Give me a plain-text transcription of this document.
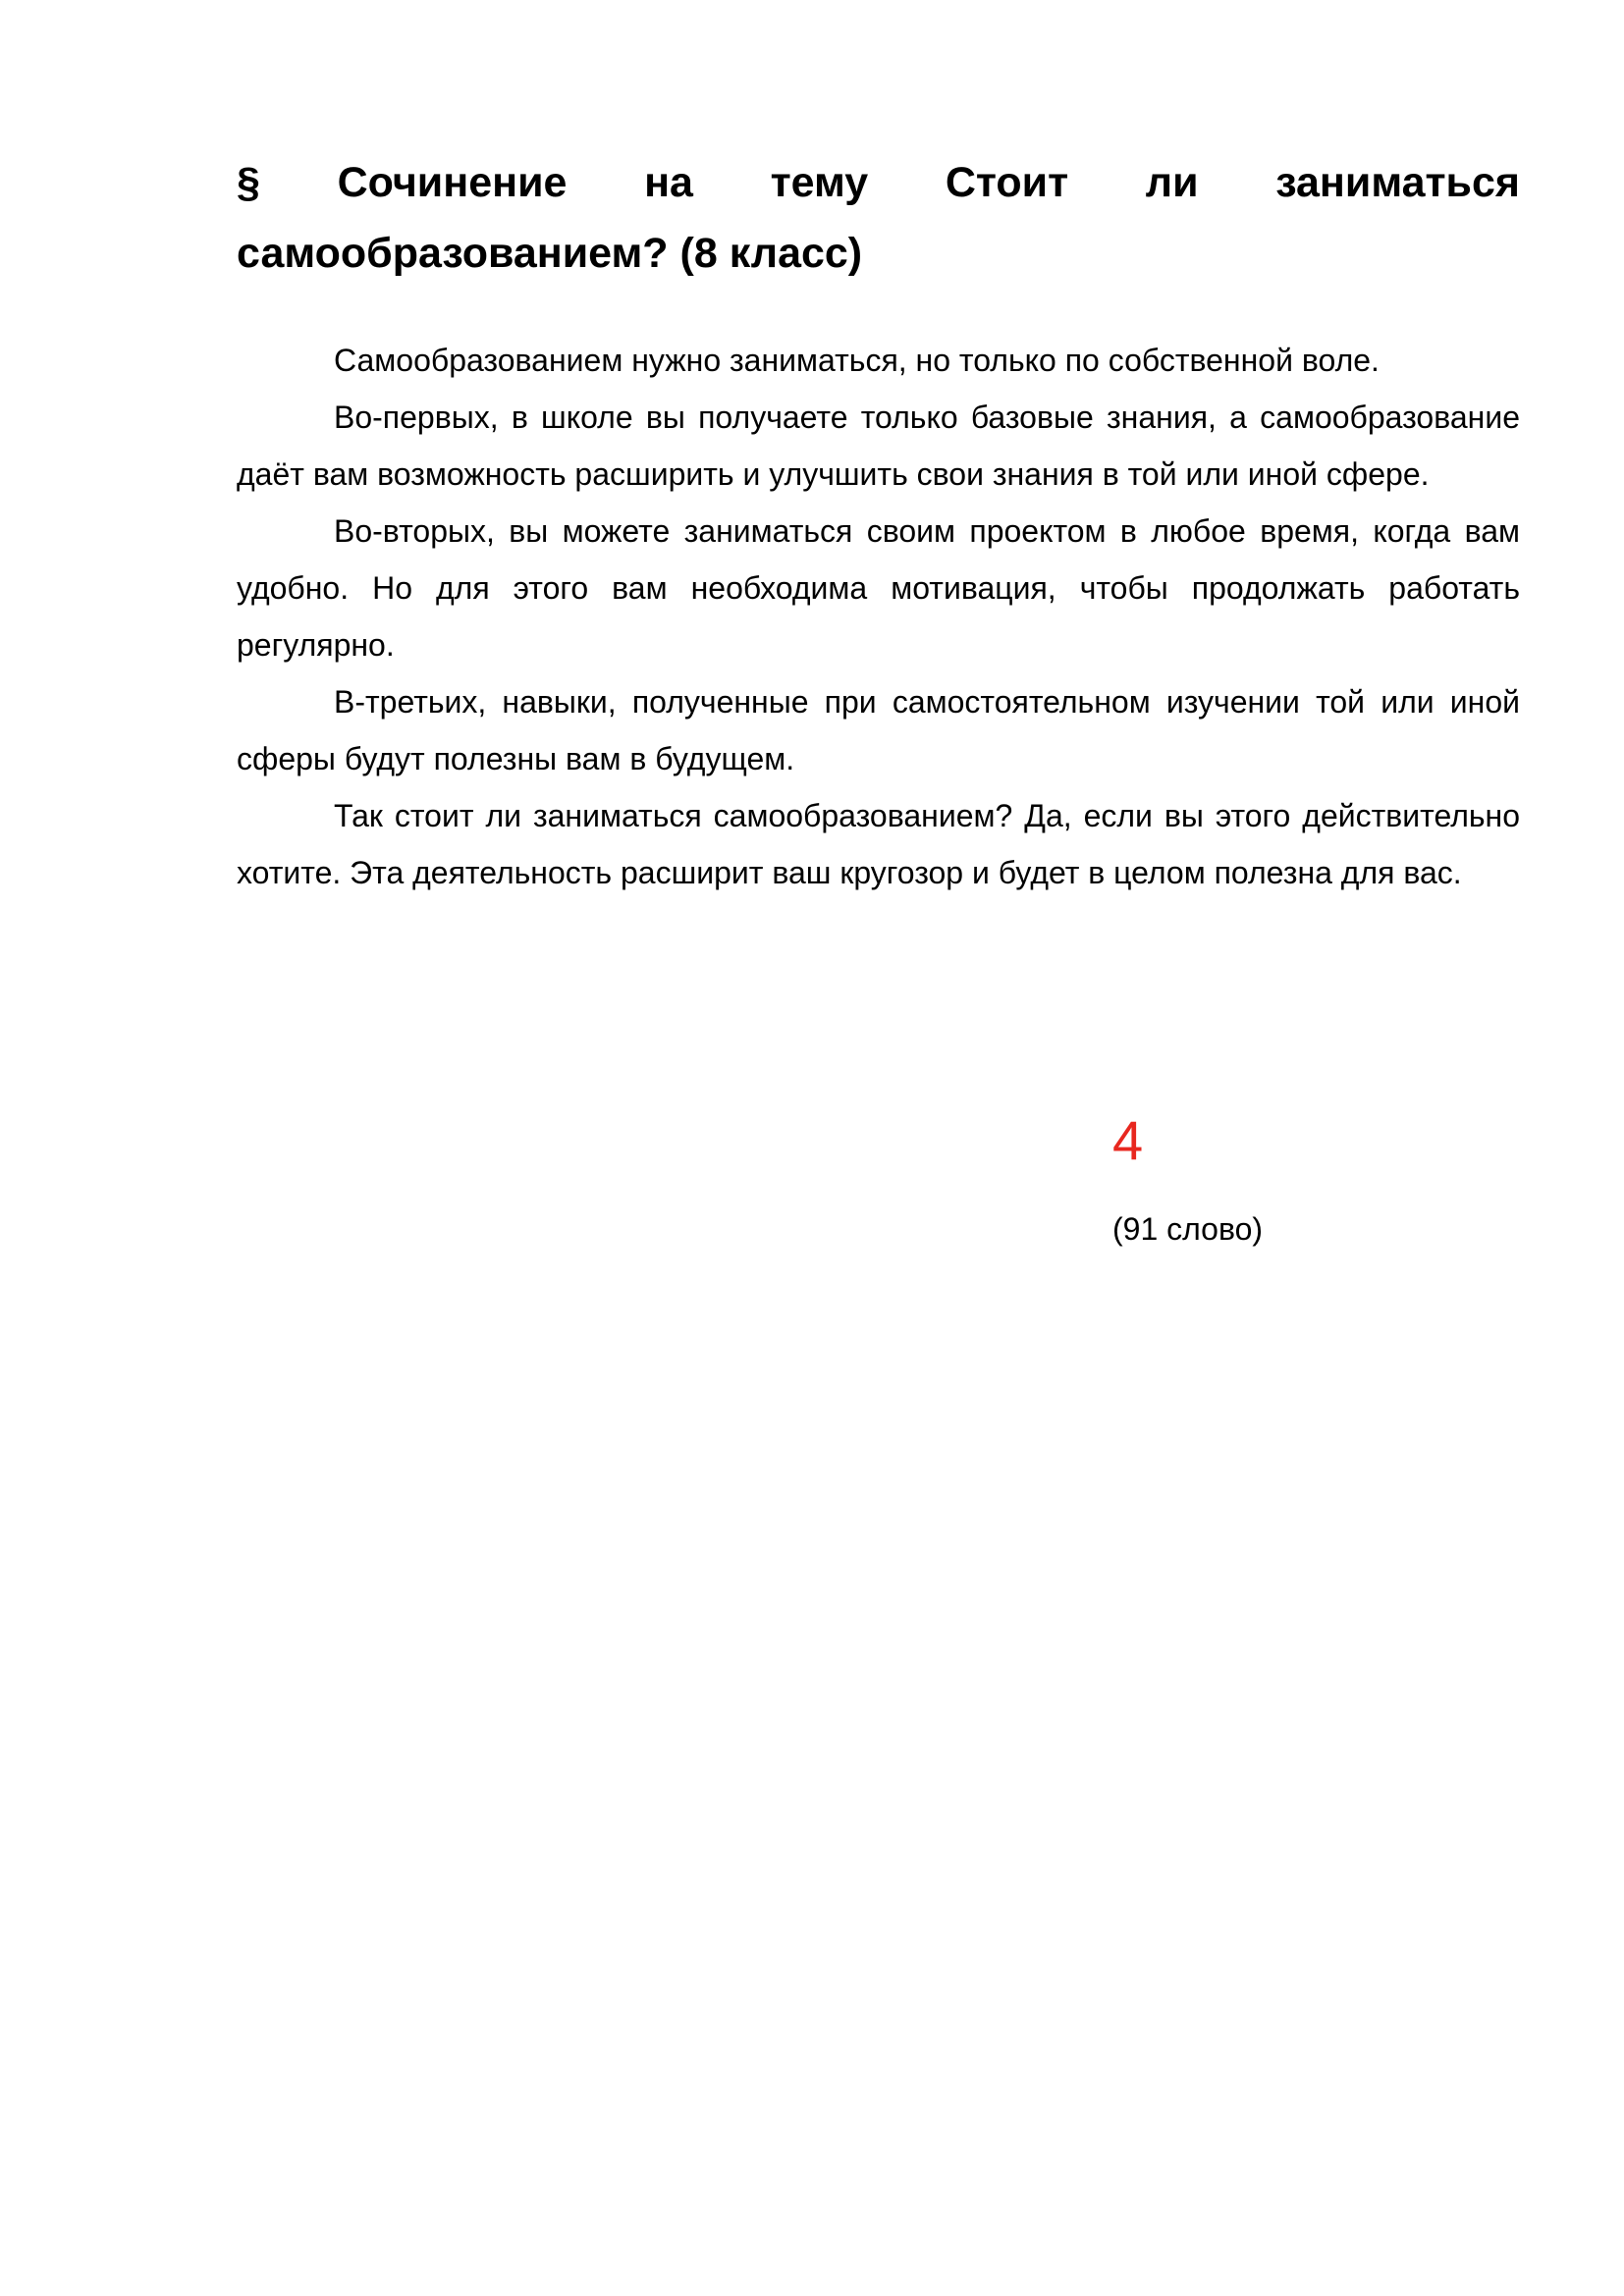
§ Сочинение на тему Стоит ли заниматься самообразованием? (8 класс)

Самообразованием нужно заниматься, но только по собственной воле.

Во-первых, в школе вы получаете только базовые знания, а самообразование даёт вам возможность расширить и улучшить свои знания в той или иной сфере.

Во-вторых, вы можете заниматься своим проектом в любое время, когда вам удобно. Но для этого вам необходима мотивация, чтобы продолжать работать регулярно.

В-третьих, навыки, полученные при самостоятельном изучении той или иной сферы будут полезны вам в будущем.

Так стоит ли заниматься самообразованием? Да, если вы этого действительно хотите. Эта деятельность расширит ваш кругозор и будет в целом полезна для вас.

4
(91 слово)
